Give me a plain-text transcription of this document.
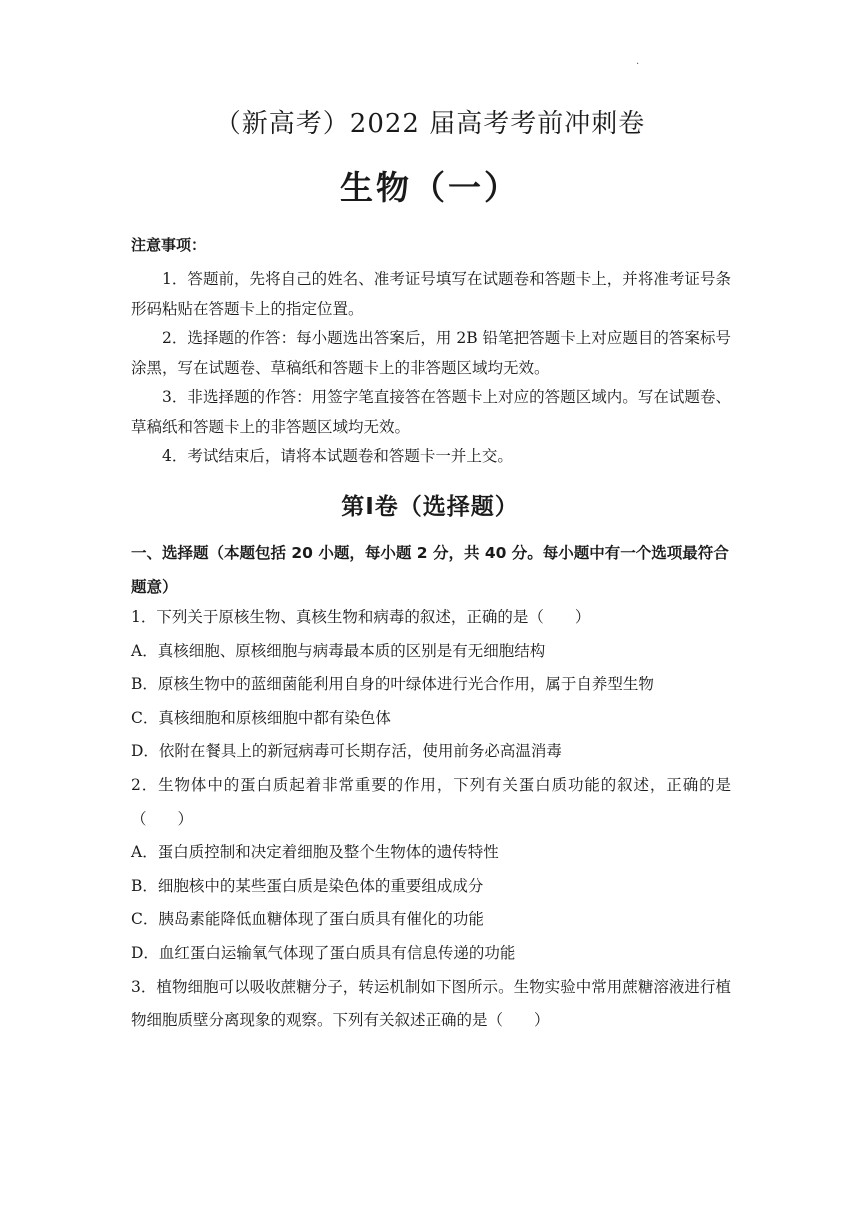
.
（新高考）2022 届高考考前冲刺卷
生物（一）
注意事项：

1．答题前，先将自己的姓名、准考证号填写在试题卷和答题卡上，并将准考证号条形码粘贴在答题卡上的指定位置。

2．选择题的作答：每小题选出答案后，用 2B 铅笔把答题卡上对应题目的答案标号涂黑，写在试题卷、草稿纸和答题卡上的非答题区域均无效。

3．非选择题的作答：用签字笔直接答在答题卡上对应的答题区域内。写在试题卷、草稿纸和答题卡上的非答题区域均无效。

4．考试结束后，请将本试题卷和答题卡一并上交。

第Ⅰ卷（选择题）
一、选择题（本题包括 20 小题，每小题 2 分，共 40 分。每小题中有一个选项最符合题意）

1．下列关于原核生物、真核生物和病毒的叙述，正确的是（　　）

A．真核细胞、原核细胞与病毒最本质的区别是有无细胞结构

B．原核生物中的蓝细菌能利用自身的叶绿体进行光合作用，属于自养型生物

C．真核细胞和原核细胞中都有染色体

D．依附在餐具上的新冠病毒可长期存活，使用前务必高温消毒

2．生物体中的蛋白质起着非常重要的作用，下列有关蛋白质功能的叙述，正确的是（　　）

A．蛋白质控制和决定着细胞及整个生物体的遗传特性

B．细胞核中的某些蛋白质是染色体的重要组成成分

C．胰岛素能降低血糖体现了蛋白质具有催化的功能

D．血红蛋白运输氧气体现了蛋白质具有信息传递的功能

3．植物细胞可以吸收蔗糖分子，转运机制如下图所示。生物实验中常用蔗糖溶液进行植物细胞质壁分离现象的观察。下列有关叙述正确的是（　　）
